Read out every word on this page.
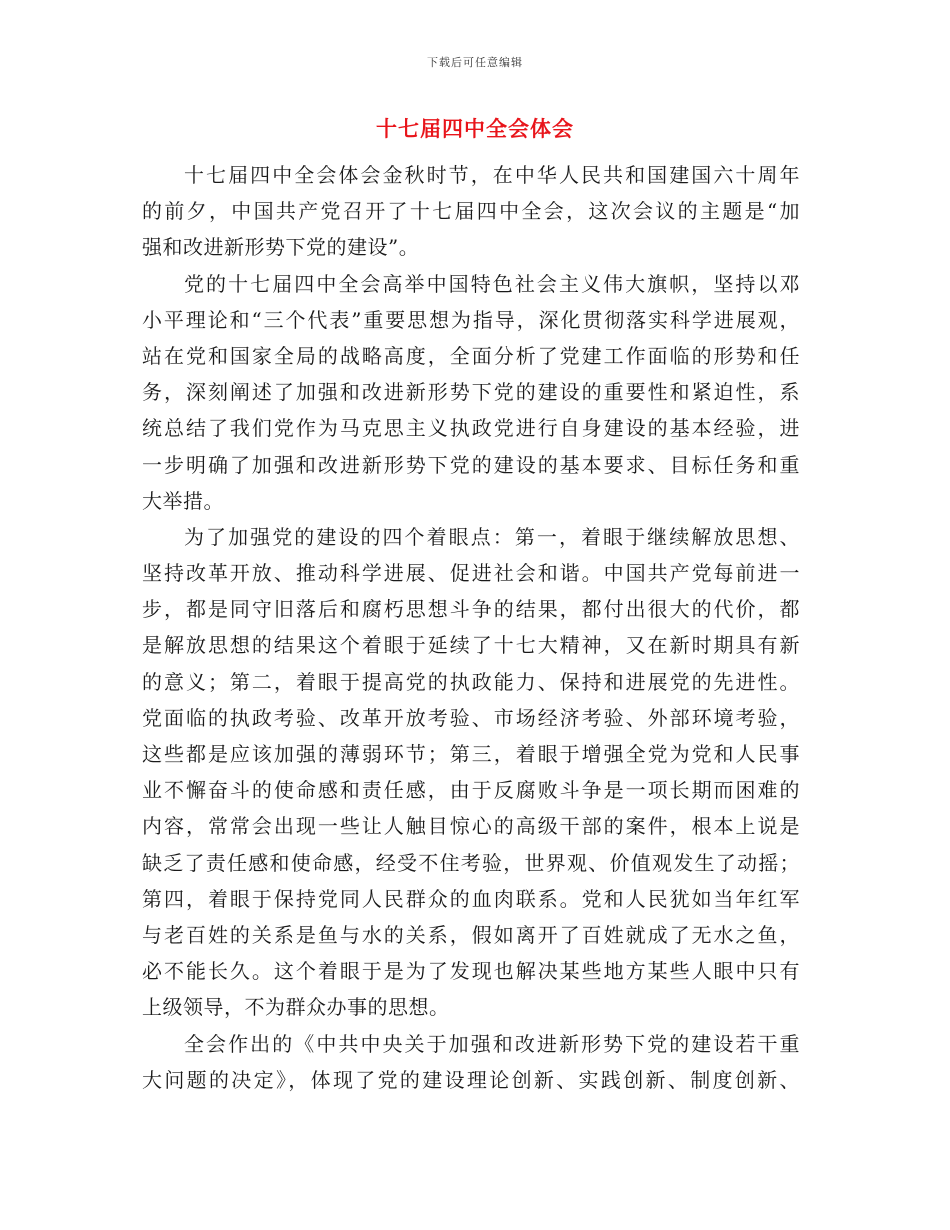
下载后可任意编辑
十七届四中全会体会
十七届四中全会体会金秋时节，在中华人民共和国建国六十周年
的前夕，中国共产党召开了十七届四中全会，这次会议的主题是“加
强和改进新形势下党的建设”。
党的十七届四中全会高举中国特色社会主义伟大旗帜，坚持以邓
小平理论和“三个代表”重要思想为指导，深化贯彻落实科学进展观，
站在党和国家全局的战略高度，全面分析了党建工作面临的形势和任
务，深刻阐述了加强和改进新形势下党的建设的重要性和紧迫性，系
统总结了我们党作为马克思主义执政党进行自身建设的基本经验，进
一步明确了加强和改进新形势下党的建设的基本要求、目标任务和重
大举措。
为了加强党的建设的四个着眼点：第一，着眼于继续解放思想、
坚持改革开放、推动科学进展、促进社会和谐。中国共产党每前进一
步，都是同守旧落后和腐朽思想斗争的结果，都付出很大的代价，都
是解放思想的结果这个着眼于延续了十七大精神，又在新时期具有新
的意义；第二，着眼于提高党的执政能力、保持和进展党的先进性。
党面临的执政考验、改革开放考验、市场经济考验、外部环境考验，
这些都是应该加强的薄弱环节；第三，着眼于增强全党为党和人民事
业不懈奋斗的使命感和责任感，由于反腐败斗争是一项长期而困难的
内容，常常会出现一些让人触目惊心的高级干部的案件，根本上说是
缺乏了责任感和使命感，经受不住考验，世界观、价值观发生了动摇；
第四，着眼于保持党同人民群众的血肉联系。党和人民犹如当年红军
与老百姓的关系是鱼与水的关系，假如离开了百姓就成了无水之鱼，
必不能长久。这个着眼于是为了发现也解决某些地方某些人眼中只有
上级领导，不为群众办事的思想。
全会作出的《中共中央关于加强和改进新形势下党的建设若干重
大问题的决定》，体现了党的建设理论创新、实践创新、制度创新、
